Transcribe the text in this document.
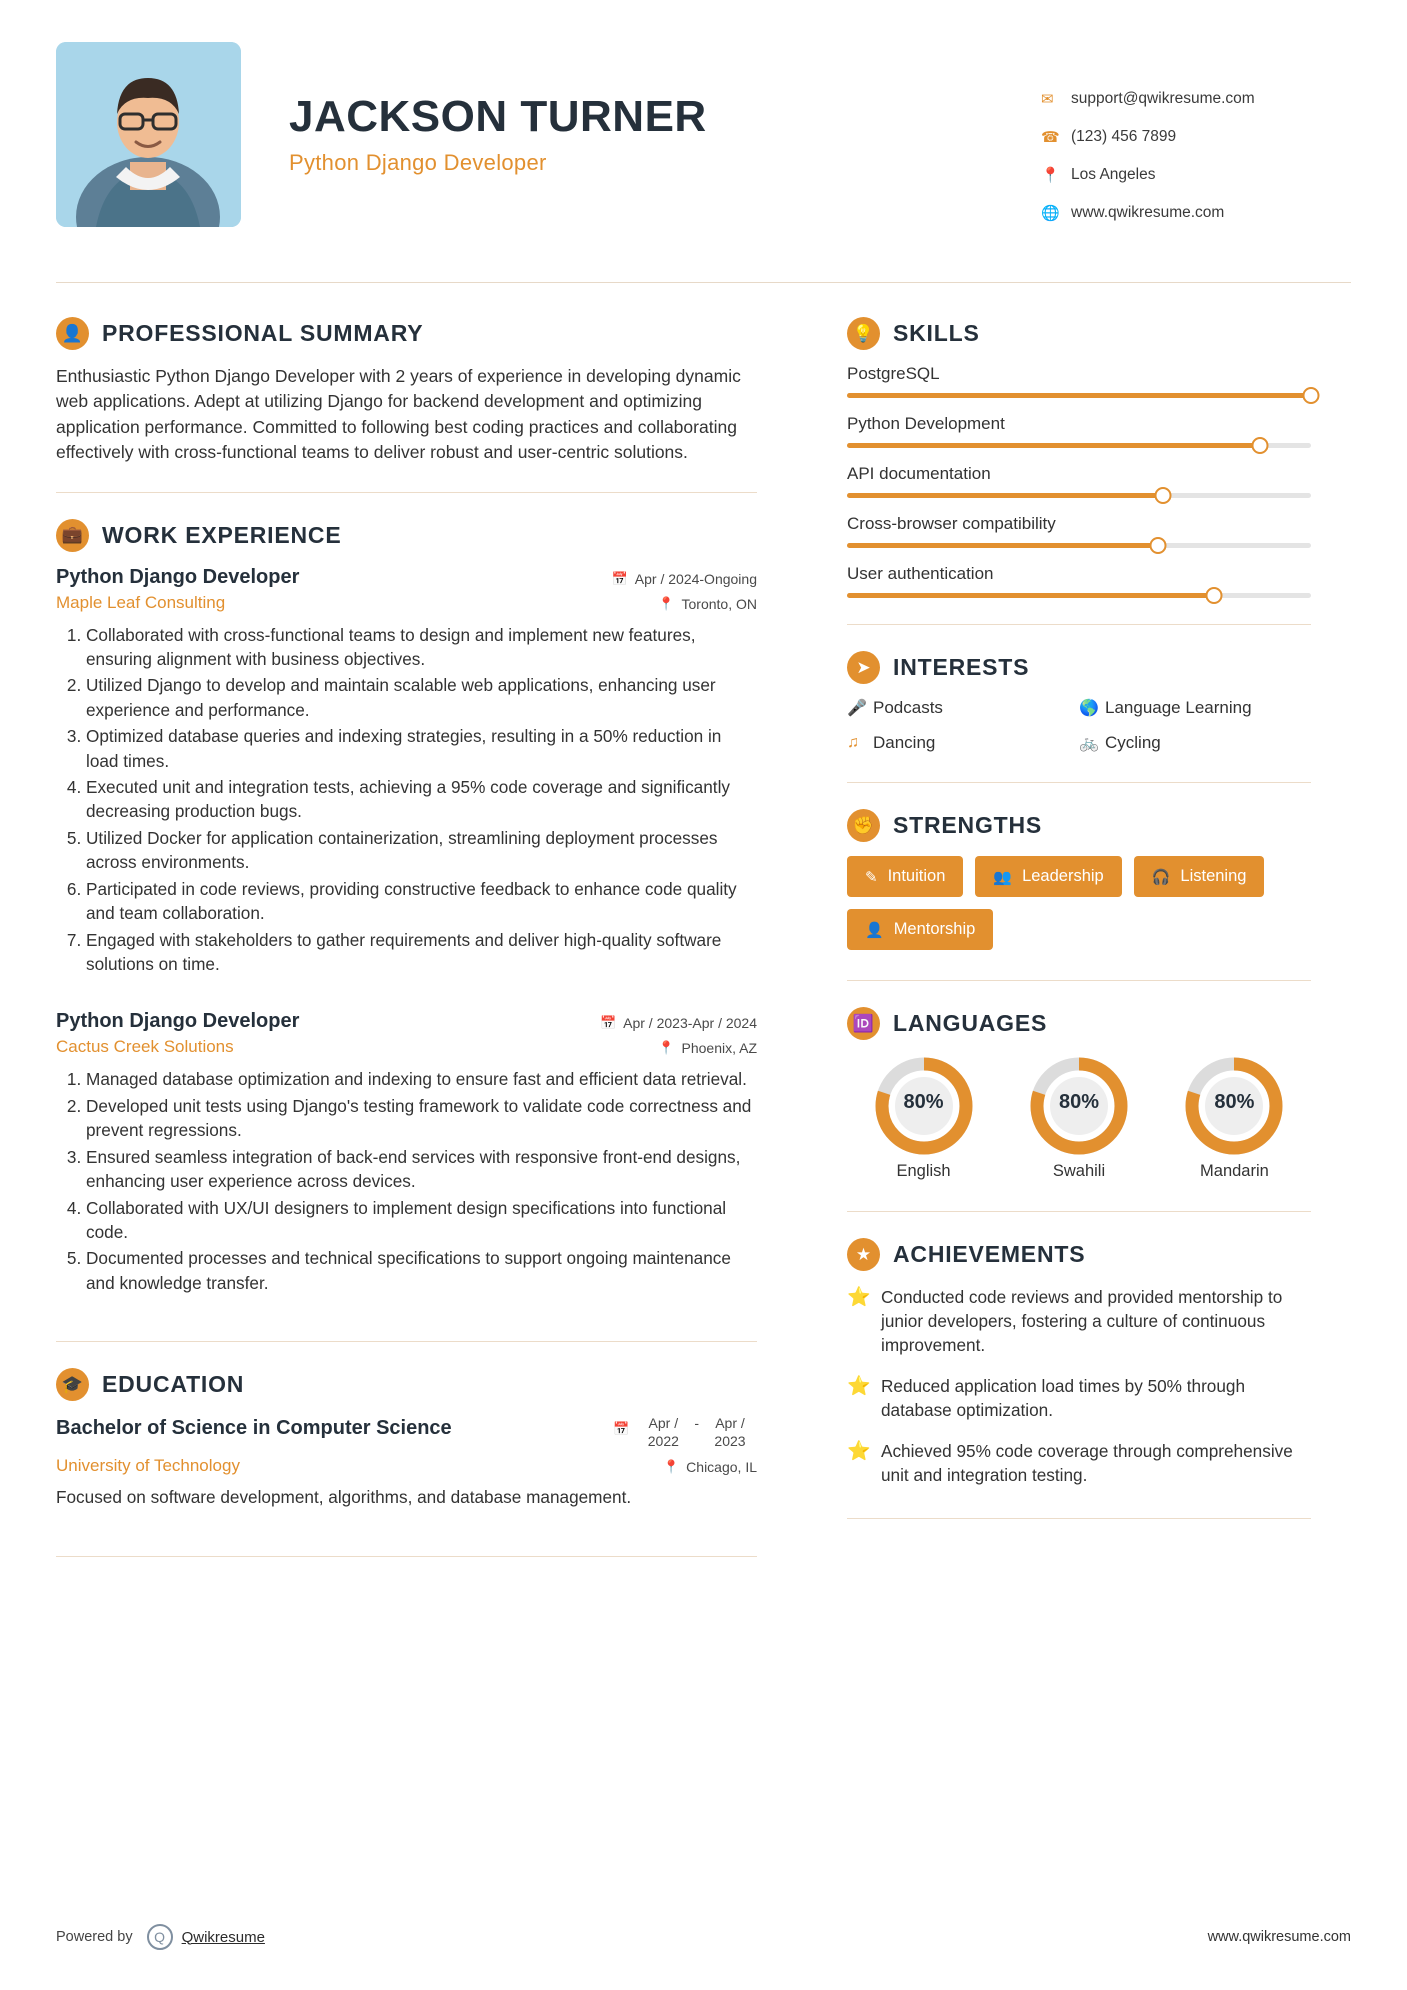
JACKSON TURNER
Python Django Developer
✉	support@qwikresume.com
☎ (123) 456 7899
📍 Los Angeles
🌐 www.qwikresume.com
👤 PROFESSIONAL SUMMARY
Enthusiastic Python Django Developer with 2 years of experience in developing dynamic web applications. Adept at utilizing Django for backend development and optimizing application performance. Committed to following best coding practices and collaborating effectively with cross-functional teams to deliver robust and user-centric solutions.
💼 WORK EXPERIENCE
Python Django Developer	📅 Apr / 2024-Ongoing
Maple Leaf Consulting	📍 Toronto, ON
1. Collaborated with cross-functional teams to design and implement new features, ensuring alignment with business objectives.
2. Utilized Django to develop and maintain scalable web applications, enhancing user experience and performance.
3. Optimized database queries and indexing strategies, resulting in a 50% reduction in load times.
4. Executed unit and integration tests, achieving a 95% code coverage and significantly decreasing production bugs.
5. Utilized Docker for application containerization, streamlining deployment processes across environments.
6. Participated in code reviews, providing constructive feedback to enhance code quality and team collaboration.
7. Engaged with stakeholders to gather requirements and deliver high-quality software solutions on time.
Python Django Developer	📅 Apr / 2023-Apr / 2024
Cactus Creek Solutions	📍 Phoenix, AZ
1. Managed database optimization and indexing to ensure fast and efficient data retrieval.
2. Developed unit tests using Django's testing framework to validate code correctness and prevent regressions.
3. Ensured seamless integration of back-end services with responsive front-end designs, enhancing user experience across devices.
4. Collaborated with UX/UI designers to implement design specifications into functional code.
5. Documented processes and technical specifications to support ongoing maintenance and knowledge transfer.
🎓 EDUCATION
Bachelor of Science in Computer Science	📅	Apr / 2022
-	Apr / 2023
University of Technology	📍 Chicago, IL
Focused on software development, algorithms, and database management.
💡 SKILLS
PostgreSQL
Python Development
API documentation
Cross-browser compatibility
User authentication
➤ INTERESTS
🎤 Podcasts	🌎 Language Learning
♫ Dancing	🚲 Cycling
✊ STRENGTHS
✎ Intuition	👥 Leadership	🎧 Listening
👤 Mentorship
🆔 LANGUAGES
80%
English
80%
Swahili
80%
Mandarin
★ ACHIEVEMENTS
⭐ Conducted code reviews and provided mentorship to junior developers, fostering a culture of continuous improvement.
⭐ Reduced application load times by 50% through database optimization.
⭐ Achieved 95% code coverage through comprehensive unit and integration testing.
Powered by	Q	Qwikresume	www.qwikresume.com
